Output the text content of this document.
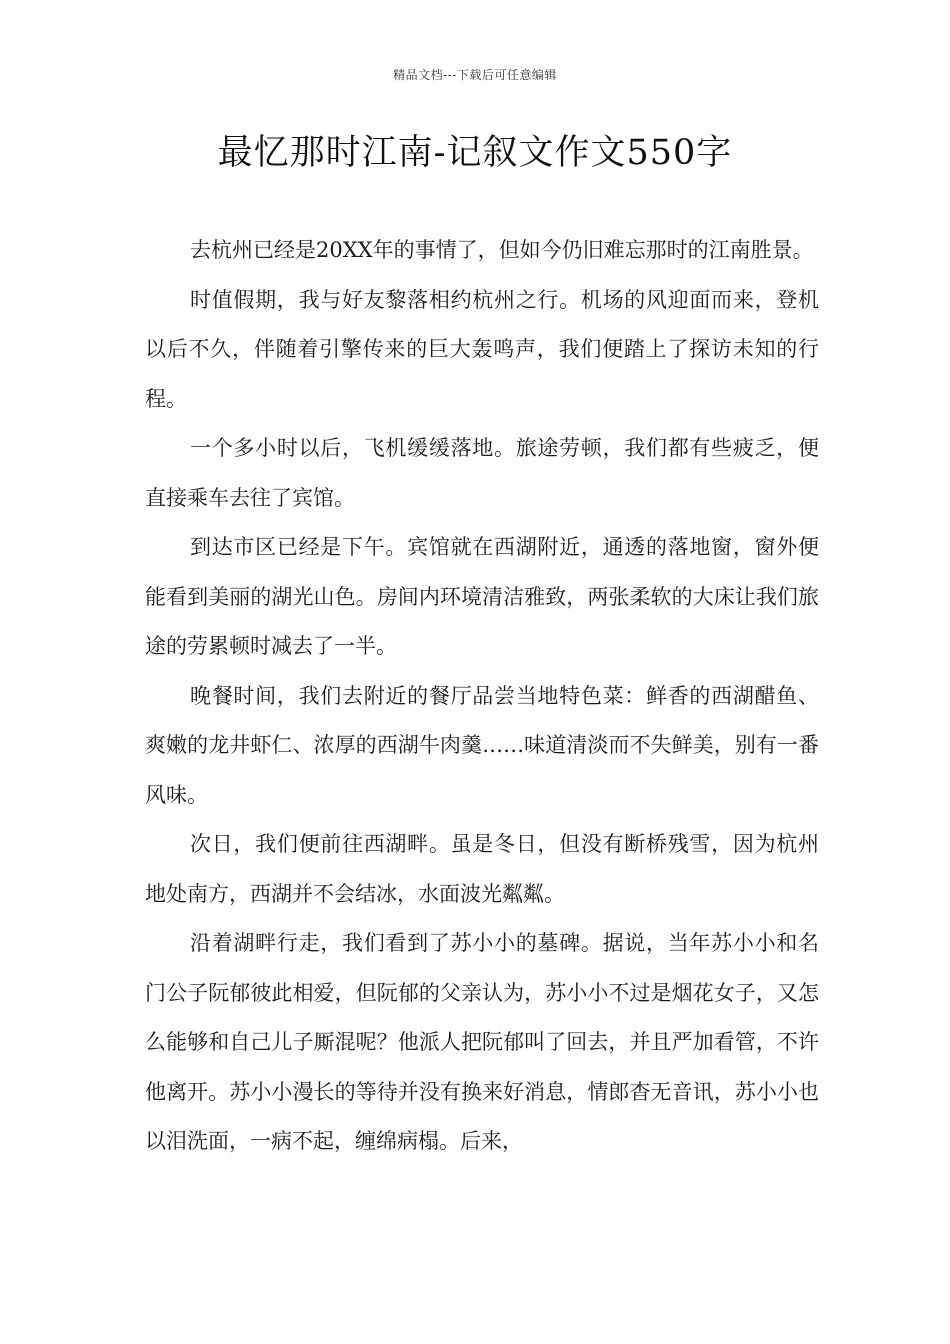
精品文档---下载后可任意编辑
最忆那时江南-记叙文作文550字

去杭州已经是20XX年的事情了，但如今仍旧难忘那时的江南胜景。

时值假期，我与好友黎落相约杭州之行。机场的风迎面而来，登机以后不久，伴随着引擎传来的巨大轰鸣声，我们便踏上了探访未知的行程。

一个多小时以后，飞机缓缓落地。旅途劳顿，我们都有些疲乏，便直接乘车去往了宾馆。

到达市区已经是下午。宾馆就在西湖附近，通透的落地窗，窗外便能看到美丽的湖光山色。房间内环境清洁雅致，两张柔软的大床让我们旅途的劳累顿时减去了一半。

晚餐时间，我们去附近的餐厅品尝当地特色菜：鲜香的西湖醋鱼、爽嫩的龙井虾仁、浓厚的西湖牛肉羹……味道清淡而不失鲜美，别有一番风味。

次日，我们便前往西湖畔。虽是冬日，但没有断桥残雪，因为杭州地处南方，西湖并不会结冰，水面波光粼粼。

沿着湖畔行走，我们看到了苏小小的墓碑。据说，当年苏小小和名门公子阮郁彼此相爱，但阮郁的父亲认为，苏小小不过是烟花女子，又怎么能够和自己儿子厮混呢？他派人把阮郁叫了回去，并且严加看管，不许他离开。苏小小漫长的等待并没有换来好消息，情郎杳无音讯，苏小小也以泪洗面，一病不起，缠绵病榻。后来，
